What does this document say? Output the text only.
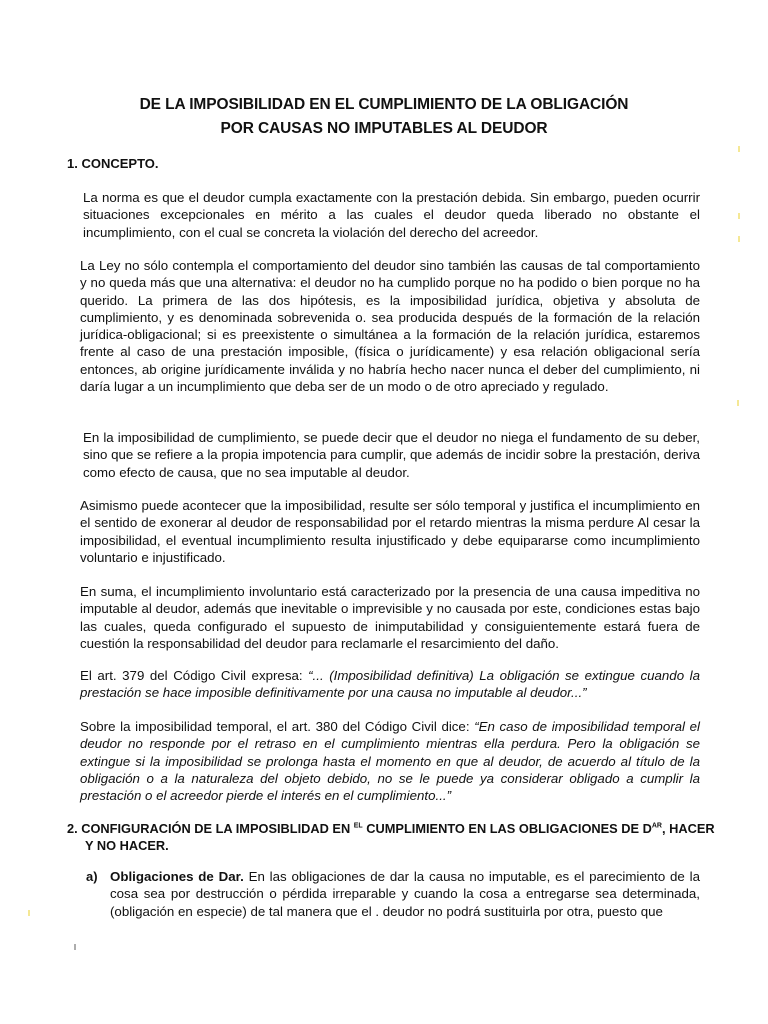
DE LA IMPOSIBILIDAD EN EL CUMPLIMIENTO DE LA OBLIGACIÓN
POR CAUSAS NO IMPUTABLES AL DEUDOR
1. CONCEPTO.

La norma es que el deudor cumpla exactamente con la prestación debida. Sin embargo, pueden ocurrir situaciones excepcionales en mérito a las cuales el deudor queda liberado no obstante el incumplimiento, con el cual se concreta la violación del derecho del acreedor.

La Ley no sólo contempla el comportamiento del deudor sino también las causas de tal comportamiento y no queda más que una alternativa: el deudor no ha cumplido porque no ha podido o bien porque no ha querido. La primera de las dos hipótesis, es la imposibilidad jurídica, objetiva y absoluta de cumplimiento, y es denominada sobrevenida o. sea producida después de la formación de la relación jurídica-obligacional; si es preexistente o simultánea a la formación de la relación jurídica, estaremos frente al caso de una prestación imposible, (física o jurídicamente) y esa relación obligacional sería entonces, ab origine jurídicamente inválida y no habría hecho nacer nunca el deber del cumplimiento, ni daría lugar a un incumplimiento que deba ser de un modo o de otro apreciado y regulado.

En la imposibilidad de cumplimiento, se puede decir que el deudor no niega el fundamento de su deber, sino que se refiere a la propia impotencia para cumplir, que además de incidir sobre la prestación, deriva como efecto de causa, que no sea imputable al deudor.

Asimismo puede acontecer que la imposibilidad, resulte ser sólo temporal y justifica el incumplimiento en el sentido de exonerar al deudor de responsabilidad por el retardo mientras la misma perdure Al cesar la imposibilidad, el eventual incumplimiento resulta injustificado y debe equipararse como incumplimiento voluntario e injustificado.

En suma, el incumplimiento involuntario está caracterizado por la presencia de una causa impeditiva no imputable al deudor, además que inevitable o imprevisible y no causada por este, condiciones estas bajo las cuales, queda configurado el supuesto de inimputabilidad y consiguientemente estará fuera de cuestión la responsabilidad del deudor para reclamarle el resarcimiento del daño.

El art. 379 del Código Civil expresa: “... (Imposibilidad definitiva) La obligación se extingue cuando la prestación se hace imposible definitivamente por una causa no imputable al deudor...”

Sobre la imposibilidad temporal, el art. 380 del Código Civil dice: “En caso de imposibilidad temporal el deudor no responde por el retraso en el cumplimiento mientras ella perdura. Pero la obligación se extingue si la imposibilidad se prolonga hasta el momento en que al deudor, de acuerdo al título de la obligación o a la naturaleza del objeto debido, no se le puede ya considerar obligado a cumplir la prestación o el acreedor pierde el interés en el cumplimiento...”

2. CONFIGURACIÓN DE LA IMPOSIBLIDAD EN $^{EL}$ CUMPLIMIENTO EN LAS OBLIGACIONES DE $D^{AR}$, HACER
Y NO HACER.
a) Obligaciones de Dar. En las obligaciones de dar la causa no imputable, es el parecimiento de la cosa sea por destrucción o pérdida irreparable y cuando la cosa a entregarse sea determinada, (obligación en especie) de tal manera que el . deudor no podrá sustituirla por otra, puesto que
